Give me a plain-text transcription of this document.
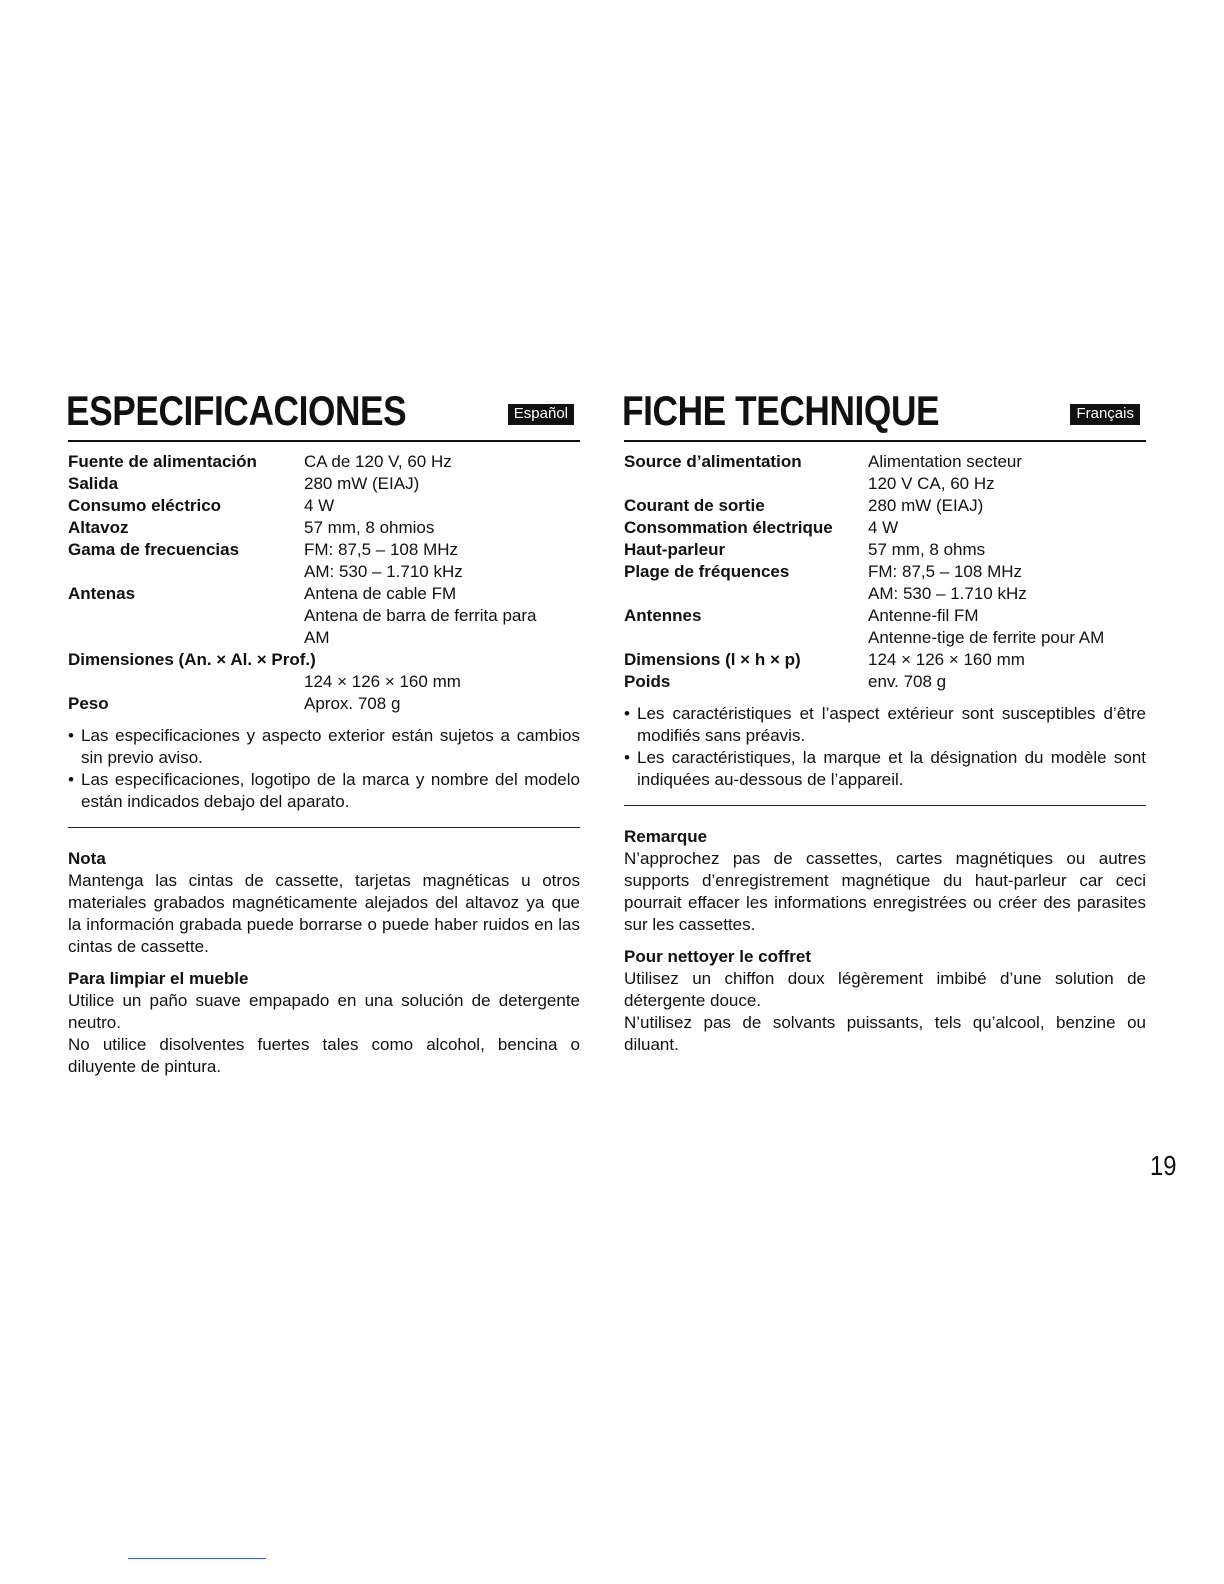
ESPECIFICACIONES	Español
Fuente de alimentación	CA de 120 V, 60 Hz
Salida	280 mW (EIAJ)
Consumo eléctrico	4 W
Altavoz	57 mm, 8 ohmios
Gama de frecuencias	FM: 87,5 – 108 MHz
AM: 530 – 1.710 kHz
Antenas	Antena de cable FM
Antena de barra de ferrita para
AM
Dimensiones (An. × Al. × Prof.)
124 × 126 × 160 mm
Peso	Aprox. 708 g
• Las especificaciones y aspecto exterior están sujetos a cambios sin previo aviso.
• Las especificaciones, logotipo de la marca y nombre del modelo están indicados debajo del aparato.
Nota

Mantenga las cintas de cassette, tarjetas magnéticas u otros materiales grabados magnéticamente alejados del altavoz ya que la información grabada puede borrarse o puede haber ruidos en las cintas de cassette.

Para limpiar el mueble

Utilice un paño suave empapado en una solución de detergente neutro.

No utilice disolventes fuertes tales como alcohol, bencina o diluyente de pintura.

FICHE TECHNIQUE	Français
Source d’alimentation	Alimentation secteur
120 V CA, 60 Hz
Courant de sortie	280 mW (EIAJ)
Consommation électrique	4 W
Haut-parleur	57 mm, 8 ohms
Plage de fréquences	FM: 87,5 – 108 MHz
AM: 530 – 1.710 kHz
Antennes	Antenne-fil FM
Antenne-tige de ferrite pour AM
Dimensions (l × h × p)	124 × 126 × 160 mm
Poids	env. 708 g
• Les caractéristiques et l’aspect extérieur sont susceptibles d’être modifiés sans préavis.
• Les caractéristiques, la marque et la désignation du modèle sont indiquées au-dessous de l’appareil.
Remarque

N’approchez pas de cassettes, cartes magnétiques ou autres supports d’enregistrement magnétique du haut-parleur car ceci pourrait effacer les informations enregistrées ou créer des parasites sur les cassettes.

Pour nettoyer le coffret

Utilisez un chiffon doux légèrement imbibé d’une solution de détergente douce.

N’utilisez pas de solvants puissants, tels qu’alcool, benzine ou diluant.

19
